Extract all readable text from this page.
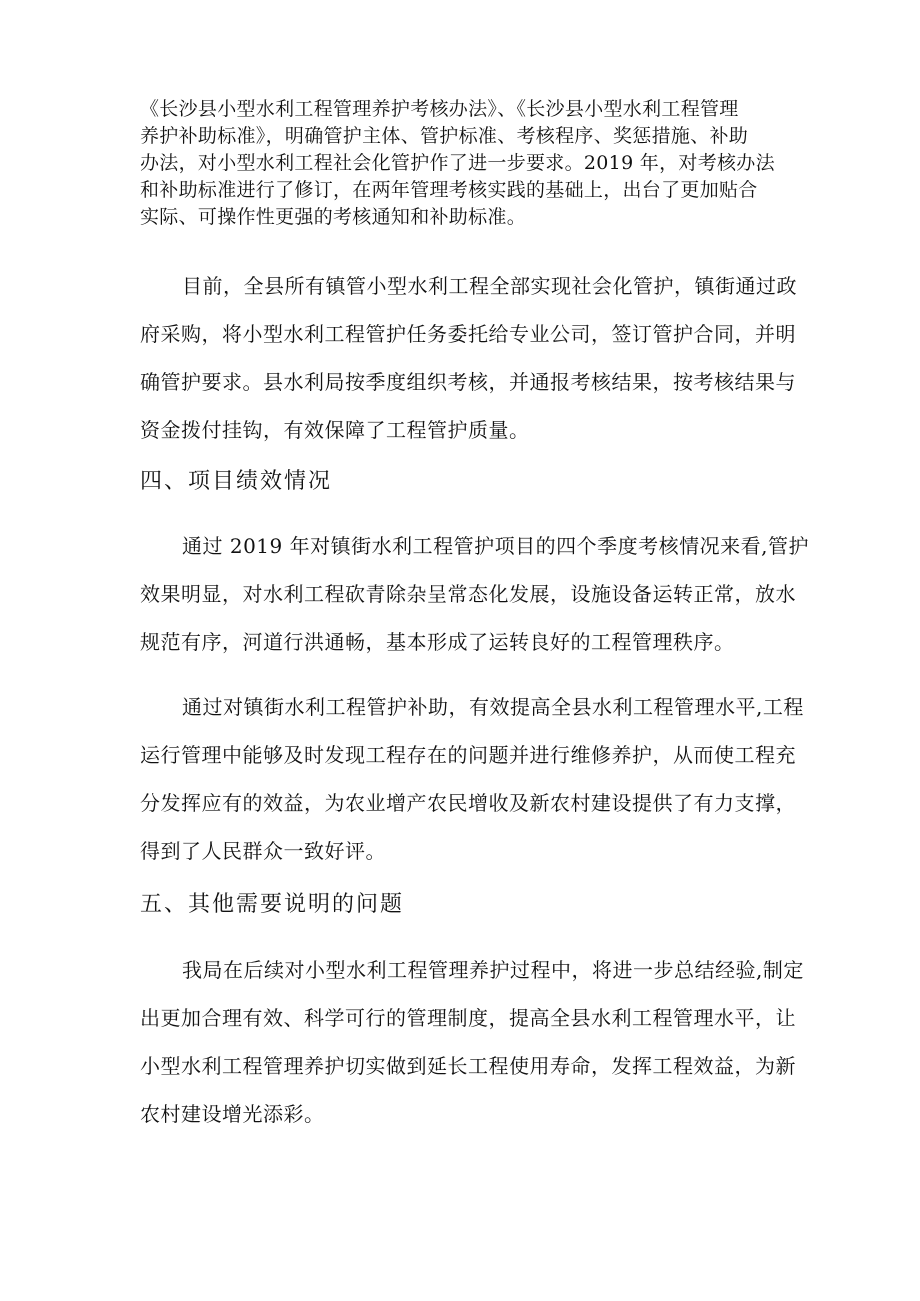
《长沙县小型水利工程管理养护考核办法》、《长沙县小型水利工程管理
养护补助标准》，明确管护主体、管护标准、考核程序、奖惩措施、补助
办法，对小型水利工程社会化管护作了进一步要求。2019 年，对考核办法
和补助标准进行了修订，在两年管理考核实践的基础上，出台了更加贴合
实际、可操作性更强的考核通知和补助标准。
目前，全县所有镇管小型水利工程全部实现社会化管护，镇街通过政
府采购，将小型水利工程管护任务委托给专业公司，签订管护合同，并明
确管护要求。县水利局按季度组织考核，并通报考核结果，按考核结果与
资金拨付挂钩，有效保障了工程管护质量。
四、项目绩效情况
通过 2019 年对镇街水利工程管护项目的四个季度考核情况来看,管护
效果明显，对水利工程砍青除杂呈常态化发展，设施设备运转正常，放水
规范有序，河道行洪通畅，基本形成了运转良好的工程管理秩序。
通过对镇街水利工程管护补助，有效提高全县水利工程管理水平,工程
运行管理中能够及时发现工程存在的问题并进行维修养护，从而使工程充
分发挥应有的效益，为农业增产农民增收及新农村建设提供了有力支撑，
得到了人民群众一致好评。
五、其他需要说明的问题
我局在后续对小型水利工程管理养护过程中，将进一步总结经验,制定
出更加合理有效、科学可行的管理制度，提高全县水利工程管理水平，让
小型水利工程管理养护切实做到延长工程使用寿命，发挥工程效益，为新
农村建设增光添彩。
